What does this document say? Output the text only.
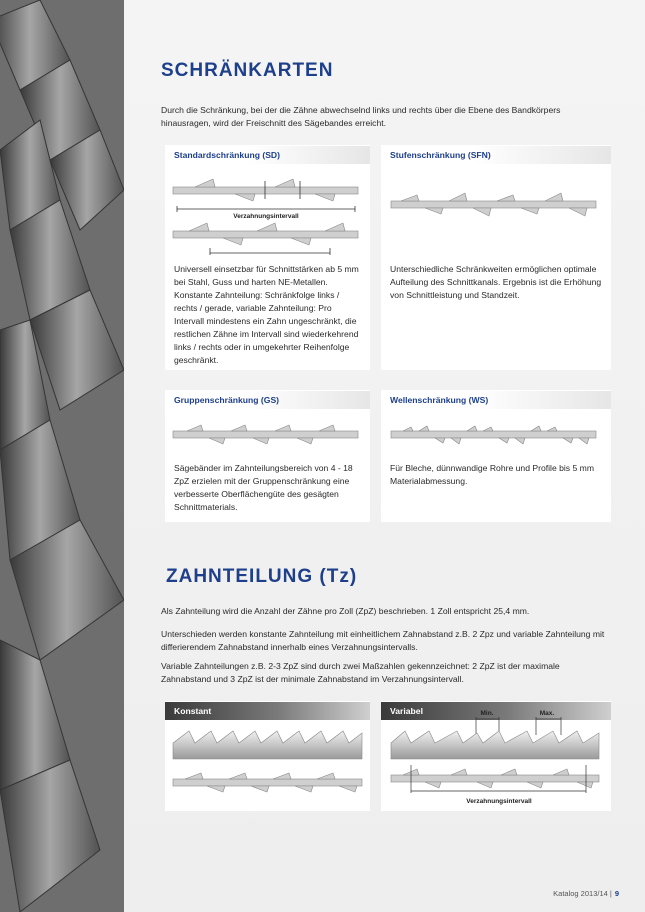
SCHRÄNKARTEN
Durch die Schränkung, bei der die Zähne abwechselnd links und rechts über die Ebene des Bandkörpers hinausragen, wird der Freischnitt des Sägebandes erreicht.
Standardschränkung (SD)
Verzahnungsintervall
Universell einsetzbar für Schnittstärken ab 5 mm bei Stahl, Guss und harten NE-Metallen. Konstante Zahnteilung: Schränkfolge links / rechts / gerade, variable Zahnteilung: Pro Intervall mindestens ein Zahn ungeschränkt, die restlichen Zähne im Intervall sind wiederkehrend links / rechts oder in umgekehrter Reihenfolge geschränkt.
Stufenschränkung (SFN)
Unterschiedliche Schränkweiten ermöglichen optimale Aufteilung des Schnittkanals. Ergebnis ist die Erhöhung von Schnittleistung und Standzeit.
Gruppenschränkung (GS)
Sägebänder im Zahnteilungsbereich von 4 - 18 ZpZ erzielen mit der Gruppenschränkung eine verbesserte Oberflächengüte des gesägten Schnittmaterials.
Wellenschränkung (WS)
Für Bleche, dünnwandige Rohre und Profile bis 5 mm Materialabmessung.
ZAHNTEILUNG (Tz)
Als Zahnteilung wird die Anzahl der Zähne pro Zoll (ZpZ) beschrieben. 1 Zoll entspricht 25,4 mm.
Unterschieden werden konstante Zahnteilung mit einheitlichem Zahnabstand z.B. 2 Zpz und variable Zahnteilung mit differierendem Zahnabstand innerhalb eines Verzahnungsintervalls.
Variable Zahnteilungen z.B. 2-3 ZpZ sind durch zwei Maßzahlen gekennzeichnet: 2 ZpZ ist der maximale Zahnabstand und 3 ZpZ ist der minimale Zahnabstand im Verzahnungsintervall.
Konstant	Variabel	Min.	Max.
Verzahnungsintervall
Katalog 2013/14 | 9
